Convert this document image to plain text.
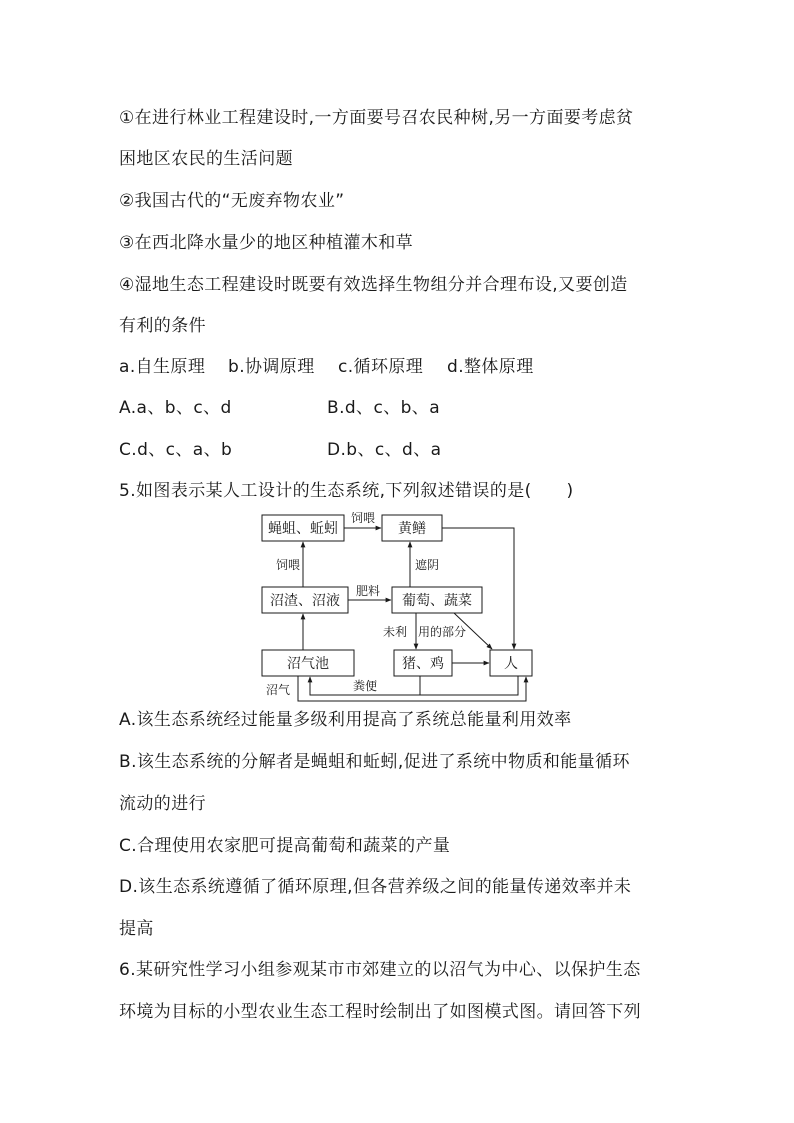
①在进行林业工程建设时,一方面要号召农民种树,另一方面要考虑贫
困地区农民的生活问题
②我国古代的“无废弃物农业”
③在西北降水量少的地区种植灌木和草
④湿地生态工程建设时既要有效选择生物组分并合理布设,又要创造
有利的条件
a.自生原理 b.协调原理 c.循环原理 d.整体原理
A.a、b、c、d	B.d、c、b、a
C.d、c、a、b	D.b、c、d、a
5.如图表示某人工设计的生态系统,下列叙述错误的是(　　)
蝇蛆、蚯蚓	黄鳝
沼渣、沼液	葡萄、蔬菜
沼气池	猪、鸡	人
饲喂
饲喂	遮阴
肥料
未利 用的部分
粪便
沼气
A.该生态系统经过能量多级利用提高了系统总能量利用效率
B.该生态系统的分解者是蝇蛆和蚯蚓,促进了系统中物质和能量循环
流动的进行
C.合理使用农家肥可提高葡萄和蔬菜的产量
D.该生态系统遵循了循环原理,但各营养级之间的能量传递效率并未
提高
6.某研究性学习小组参观某市市郊建立的以沼气为中心、以保护生态
环境为目标的小型农业生态工程时绘制出了如图模式图。请回答下列
